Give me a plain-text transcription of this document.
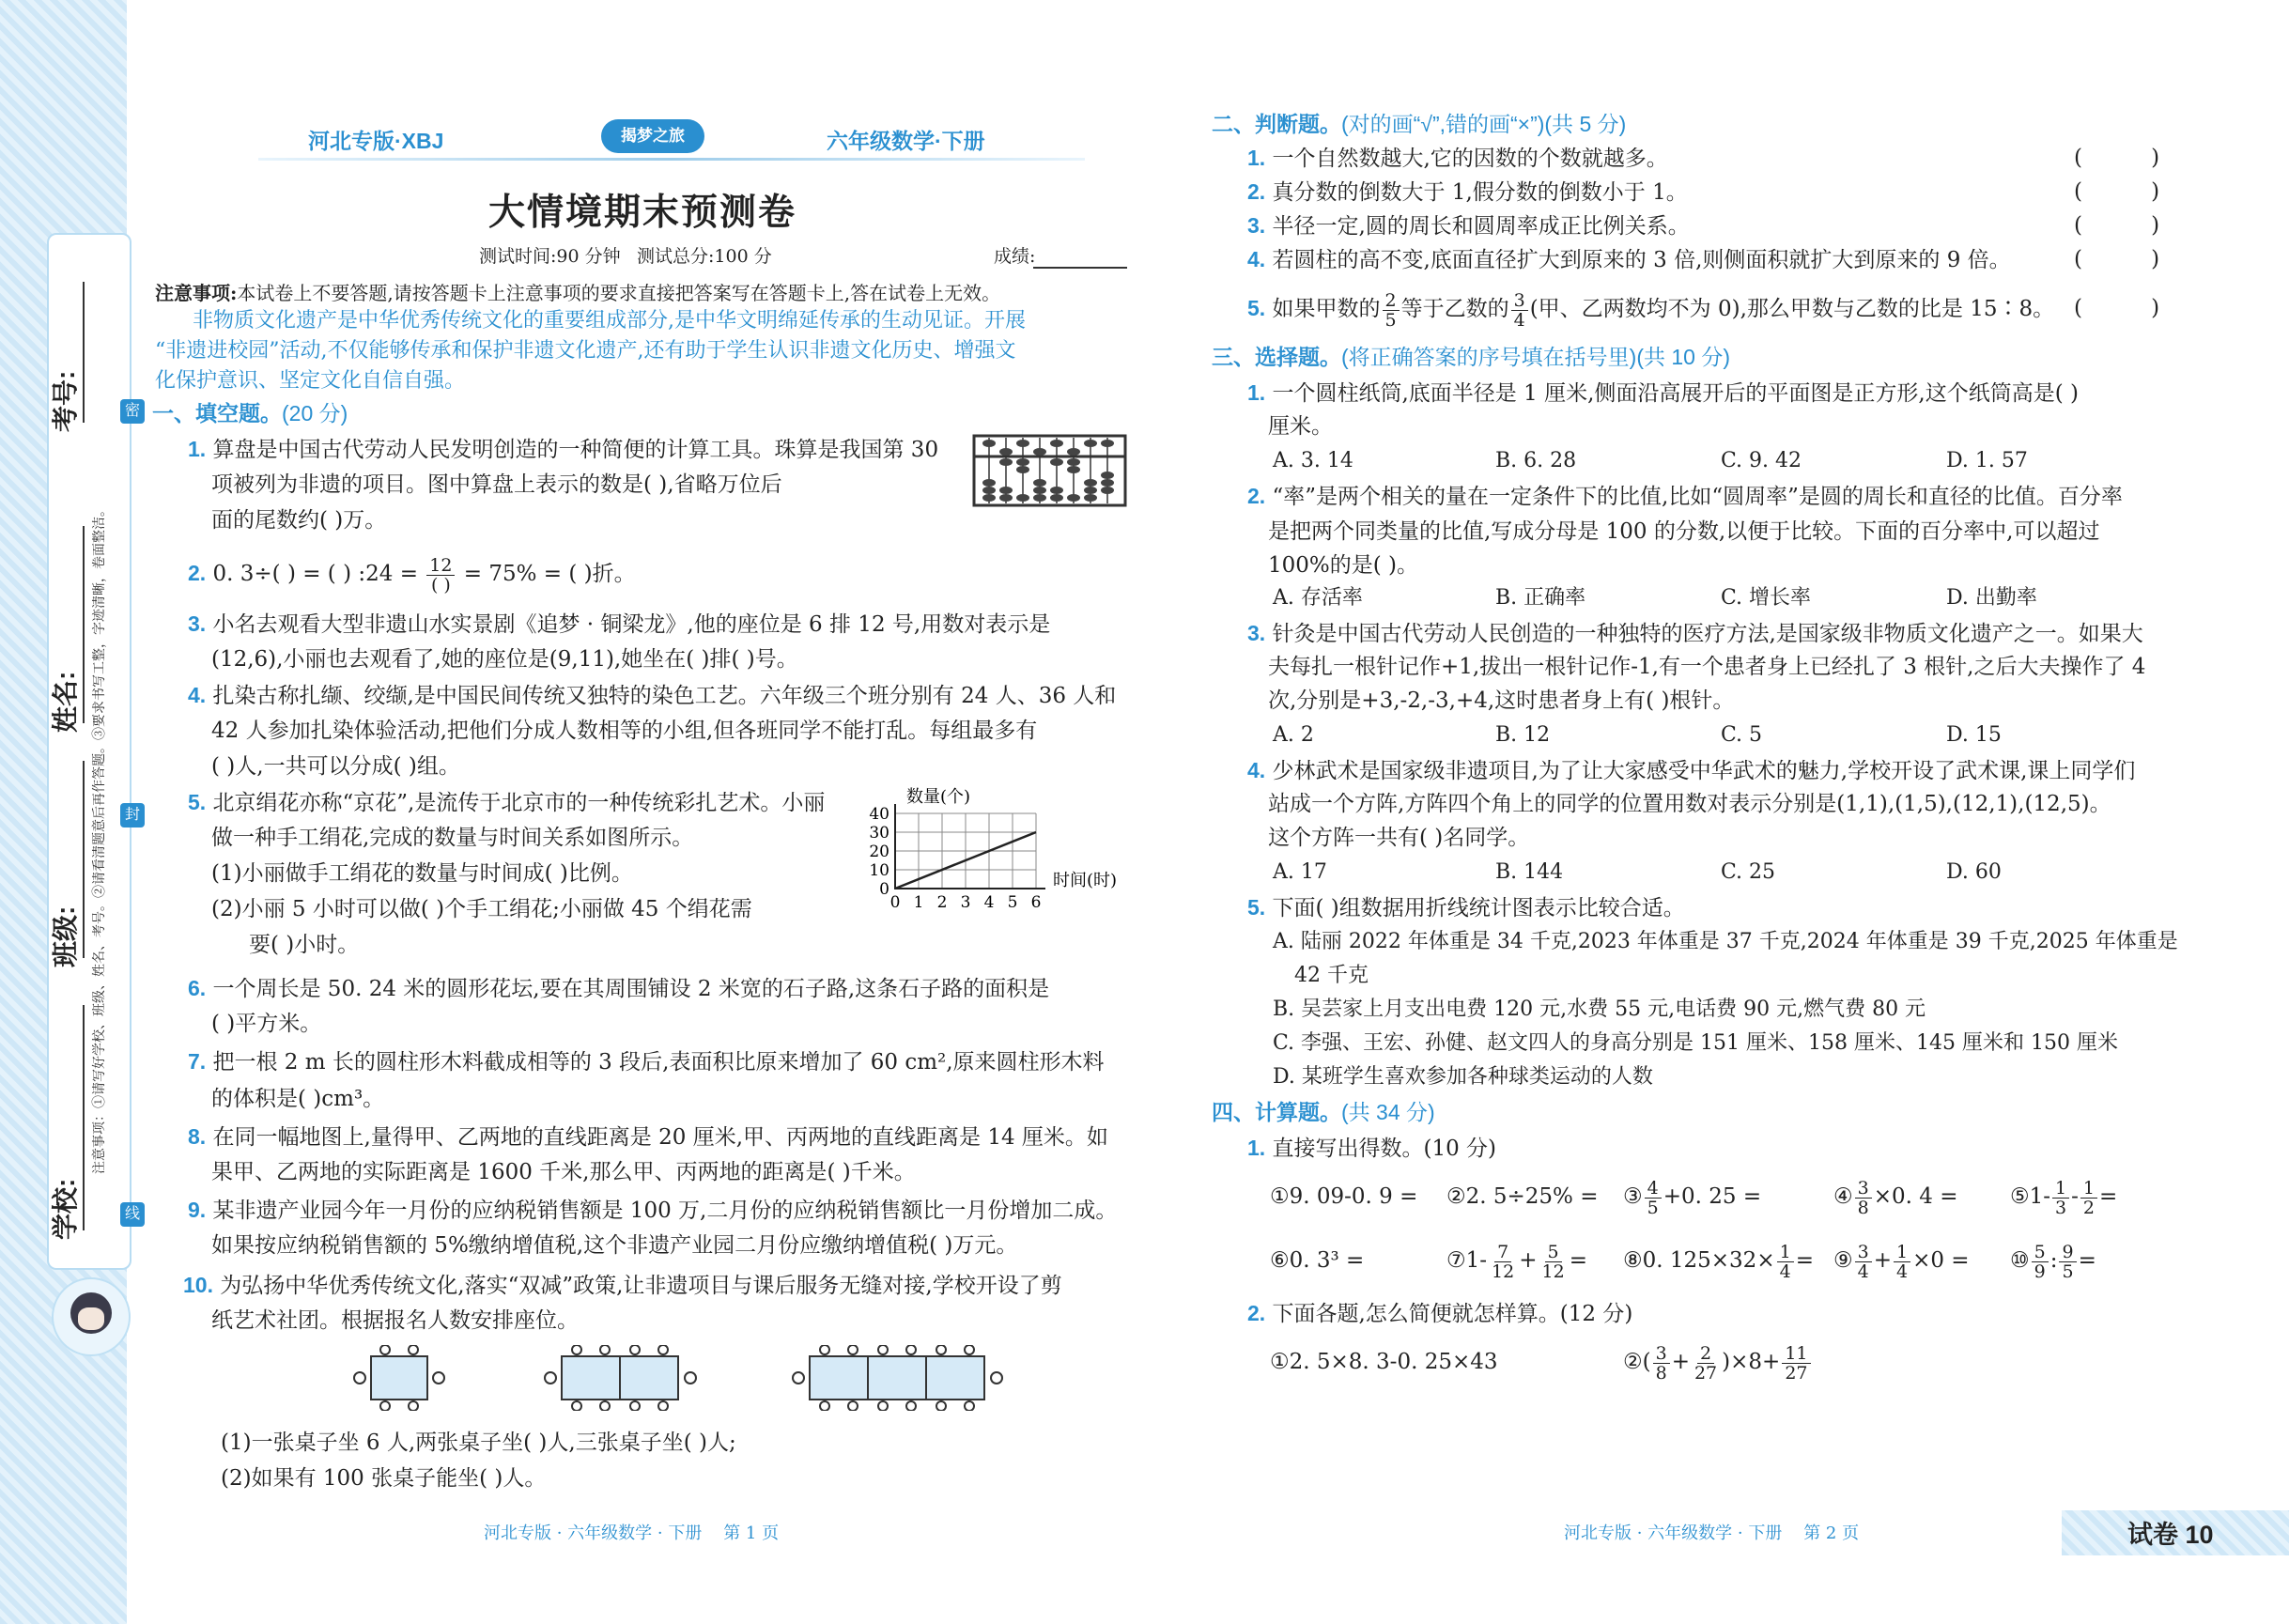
考号:
姓名:
班级:
学校:
注意事项：①请写好学校、班级、姓名、考号。②请看清题意后再作答题。③要求书写工整，字迹清晰，卷面整洁。
密
封
线
河北专版·XBJ	揭梦之旅	六年级数学·下册
大情境期末预测卷
测试时间:90 分钟 测试总分:100 分	成绩:
注意事项:本试卷上不要答题,请按答题卡上注意事项的要求直接把答案写在答题卡上,答在试卷上无效。
非物质文化遗产是中华优秀传统文化的重要组成部分,是中华文明绵延传承的生动见证。开展
“非遗进校园”活动,不仅能够传承和保护非遗文化遗产,还有助于学生认识非遗文化历史、增强文
化保护意识、坚定文化自信自强。
一、填空题。(20 分)
1. 算盘是中国古代劳动人民发明创造的一种简便的计算工具。珠算是我国第 30
项被列为非遗的项目。图中算盘上表示的数是( ),省略万位后
面的尾数约( )万。
2. 0. 3÷( ) = ( ) :24 = $\frac{12}{( )} = 75\%$ = ( )折。
3. 小名去观看大型非遗山水实景剧《追梦 · 铜梁龙》,他的座位是 6 排 12 号,用数对表示是
(12,6),小丽也去观看了,她的座位是(9,11),她坐在( )排( )号。
4. 扎染古称扎缬、绞缬,是中国民间传统又独特的染色工艺。六年级三个班分别有 24 人、36 人和
42 人参加扎染体验活动,把他们分成人数相等的小组,但各班同学不能打乱。每组最多有
( )人,一共可以分成( )组。
5. 北京绢花亦称“京花”,是流传于北京市的一种传统彩扎艺术。小丽
做一种手工绢花,完成的数量与时间关系如图所示。
(1)小丽做手工绢花的数量与时间成( )比例。
(2)小丽 5 小时可以做( )个手工绢花;小丽做 45 个绢花需
要( )小时。
0 1 2 3 4 5 6
0
10
20
30
40
数量(个)
时间(时)
6. 一个周长是 50. 24 米的圆形花坛,要在其周围铺设 2 米宽的石子路,这条石子路的面积是
( )平方米。
7. 把一根 2 m 长的圆柱形木料截成相等的 3 段后,表面积比原来增加了 60 cm²,原来圆柱形木料
的体积是( )cm³。
8. 在同一幅地图上,量得甲、乙两地的直线距离是 20 厘米,甲、丙两地的直线距离是 14 厘米。如
果甲、乙两地的实际距离是 1600 千米,那么甲、丙两地的距离是( )千米。
9. 某非遗产业园今年一月份的应纳税销售额是 100 万,二月份的应纳税销售额比一月份增加二成。
如果按应纳税销售额的 5%缴纳增值税,这个非遗产业园二月份应缴纳增值税( )万元。
10. 为弘扬中华优秀传统文化,落实“双减”政策,让非遗项目与课后服务无缝对接,学校开设了剪
纸艺术社团。根据报名人数安排座位。
(1)一张桌子坐 6 人,两张桌子坐( )人,三张桌子坐( )人;
(2)如果有 100 张桌子能坐( )人。
河北专版 · 六年级数学 · 下册    第 1 页
二、判断题。(对的画“√”,错的画“×”)(共 5 分)
1. 一个自然数越大,它的因数的个数就越多。	(          )
2. 真分数的倒数大于 1,假分数的倒数小于 1。	(          )
3. 半径一定,圆的周长和圆周率成正比例关系。	(          )
4. 若圆柱的高不变,底面直径扩大到原来的 3 倍,则侧面积就扩大到原来的 9 倍。	(          )
5. 如果甲数的 $\frac{2}{5}$ 等于乙数的 $\frac{3}{4}$ (甲、乙两数均不为 0),那么甲数与乙数的比是 15∶8。 (          )
三、选择题。(将正确答案的序号填在括号里)(共 10 分)
1. 一个圆柱纸筒,底面半径是 1 厘米,侧面沿高展开后的平面图是正方形,这个纸筒高是( )
厘米。
A. 3. 14	B. 6. 28	C. 9. 42	D. 1. 57
2. “率”是两个相关的量在一定条件下的比值,比如“圆周率”是圆的周长和直径的比值。百分率
是把两个同类量的比值,写成分母是 100 的分数,以便于比较。下面的百分率中,可以超过
100%的是( )。
A. 存活率	B. 正确率	C. 增长率	D. 出勤率
3. 针灸是中国古代劳动人民创造的一种独特的医疗方法,是国家级非物质文化遗产之一。如果大
夫每扎一根针记作+1,拔出一根针记作-1,有一个患者身上已经扎了 3 根针,之后大夫操作了 4
次,分别是+3,-2,-3,+4,这时患者身上有( )根针。
A. 2	B. 12	C. 5	D. 15
4. 少林武术是国家级非遗项目,为了让大家感受中华武术的魅力,学校开设了武术课,课上同学们
站成一个方阵,方阵四个角上的同学的位置用数对表示分别是(1,1),(1,5),(12,1),(12,5)。
这个方阵一共有( )名同学。
A. 17	B. 144	C. 25	D. 60
5. 下面( )组数据用折线统计图表示比较合适。
A. 陆丽 2022 年体重是 34 千克,2023 年体重是 37 千克,2024 年体重是 39 千克,2025 年体重是
42 千克
B. 吴芸家上月支出电费 120 元,水费 55 元,电话费 90 元,燃气费 80 元
C. 李强、王宏、孙健、赵文四人的身高分别是 151 厘米、158 厘米、145 厘米和 150 厘米
D. 某班学生喜欢参加各种球类运动的人数
四、计算题。(共 34 分)
1. 直接写出得数。(10 分)
①9. 09-0. 9 = ②2. 5÷25% = ③ $\frac{4}{5} +0$. 25 =	④ $\frac{3}{8} \times 0$. 4 = ⑤1- $\frac{1}{3} - \frac{1}{2}$ =
⑥0. 3³ =	⑦1- $\frac{7}{12} + \frac{5}{12}$ = ⑧0. $125\times 32\times \frac{1}{4}$ = ⑨ $\frac{3}{4} + \frac{1}{4} \times 0$ = ⑩ $\frac{5}{9}$ : $\frac{9}{5}$ =
2. 下面各题,怎么简便就怎样算。(12 分)
①2. 5×8. 3-0. 25×43	②( $\frac{3}{8} + \frac{2}{27} )\times 8+ \frac{11}{27}$
河北专版 · 六年级数学 · 下册    第 2 页	试卷 10
